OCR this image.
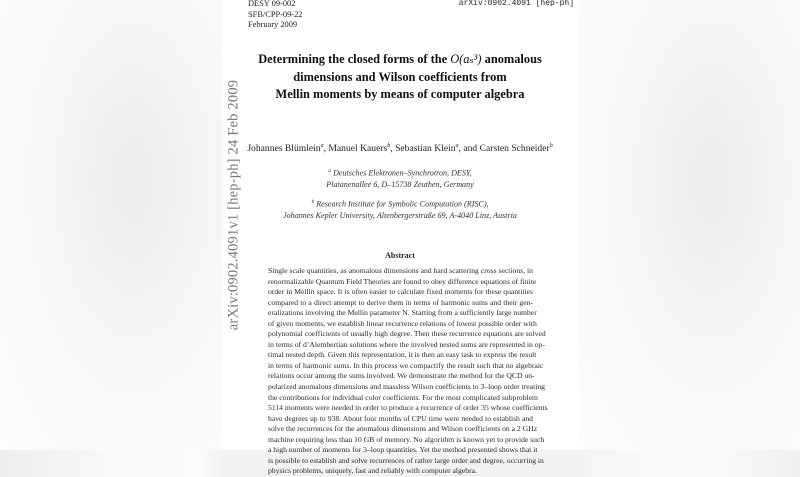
DESY 09-002
SFB/CPP-09-22
February 2009
arXiv:0902.4091 [hep-ph]
arXiv:0902.4091v1 [hep-ph] 24 Feb 2009
Determining the closed forms of the O(aₛ³) anomalous
dimensions and Wilson coefficients from
Mellin moments by means of computer algebra
Johannes Blümlein$^a$, Manuel Kauers$^b$, Sebastian Klein$^a$, and Carsten Schneider$^b$
$^a$ Deutsches Elektronen–Synchrotron, DESY,
Platanenallee 6, D–15738 Zeuthen, Germany
$^b$ Research Institute for Symbolic Computation (RISC),
Johannes Kepler University, Altenbergerstraße 69, A-4040 Linz, Austria
Abstract
Single scale quantities, as anomalous dimensions and hard scattering cross sections, in
renormalizable Quantum Field Theories are found to obey difference equations of finite
order in Mellin space. It is often easier to calculate fixed moments for these quantities
compared to a direct attempt to derive them in terms of harmonic sums and their gen-
eralizations involving the Mellin parameter N. Starting from a sufficiently large number
of given moments, we establish linear recurrence relations of lowest possible order with
polynomial coefficients of usually high degree. Then these recurrence equations are solved
in terms of d’Alembertian solutions where the involved nested sums are represented in op-
timal nested depth. Given this representation, it is then an easy task to express the result
in terms of harmonic sums. In this process we compactify the result such that no algebraic
relations occur among the sums involved. We demonstrate the method for the QCD un-
polarized anomalous dimensions and massless Wilson coefficients to 3–loop order treating
the contributions for individual color coefficients. For the most complicated subproblem
5114 moments were needed in order to produce a recurrence of order 35 whose coefficients
have degrees up to 938. About four months of CPU time were needed to establish and
solve the recurrences for the anomalous dimensions and Wilson coefficients on a 2 GHz
machine requiring less than 10 GB of memory. No algorithm is known yet to provide such
a high number of moments for 3–loop quantities. Yet the method presented shows that it
is possible to establish and solve recurrences of rather large order and degree, occurring in
physics problems, uniquely, fast and reliably with computer algebra.
